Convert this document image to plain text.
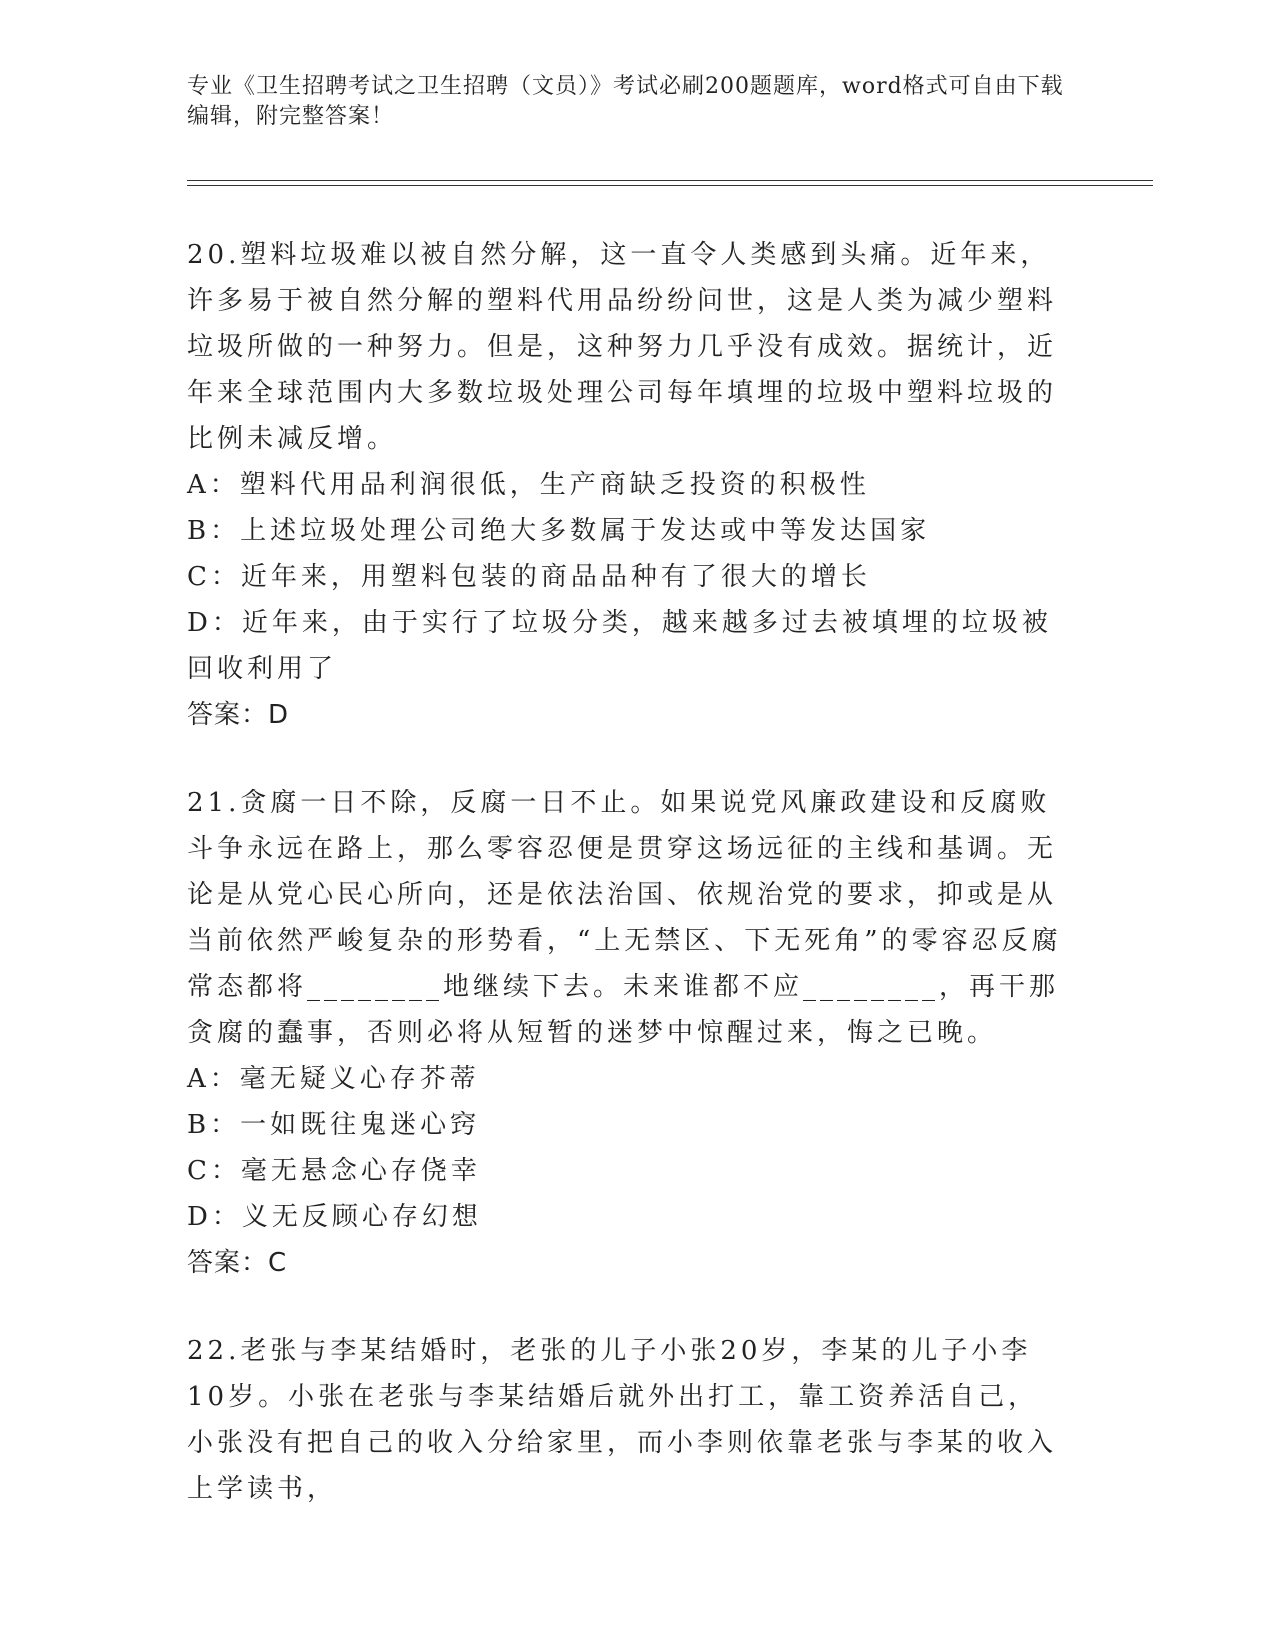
专业《卫生招聘考试之卫生招聘（文员）》考试必刷200题题库，word格式可自由下载编辑，附完整答案！

20.塑料垃圾难以被自然分解，这一直令人类感到头痛。近年来，许多易于被自然分解的塑料代用品纷纷问世，这是人类为减少塑料垃圾所做的一种努力。但是，这种努力几乎没有成效。据统计，近年来全球范围内大多数垃圾处理公司每年填埋的垃圾中塑料垃圾的比例未减反增。

A：塑料代用品利润很低，生产商缺乏投资的积极性

B：上述垃圾处理公司绝大多数属于发达或中等发达国家

C：近年来，用塑料包装的商品品种有了很大的增长

D：近年来，由于实行了垃圾分类，越来越多过去被填埋的垃圾被回收利用了

答案：D

21.贪腐一日不除，反腐一日不止。如果说党风廉政建设和反腐败斗争永远在路上，那么零容忍便是贯穿这场远征的主线和基调。无论是从党心民心所向，还是依法治国、依规治党的要求，抑或是从当前依然严峻复杂的形势看，“上无禁区、下无死角”的零容忍反腐常态都将________地继续下去。未来谁都不应________，再干那贪腐的蠢事，否则必将从短暂的迷梦中惊醒过来，悔之已晚。

A：毫无疑义心存芥蒂

B：一如既往鬼迷心窍

C：毫无悬念心存侥幸

D：义无反顾心存幻想

答案：C

22.老张与李某结婚时，老张的儿子小张20岁，李某的儿子小李10岁。小张在老张与李某结婚后就外出打工，靠工资养活自己，小张没有把自己的收入分给家里，而小李则依靠老张与李某的收入上学读书，
